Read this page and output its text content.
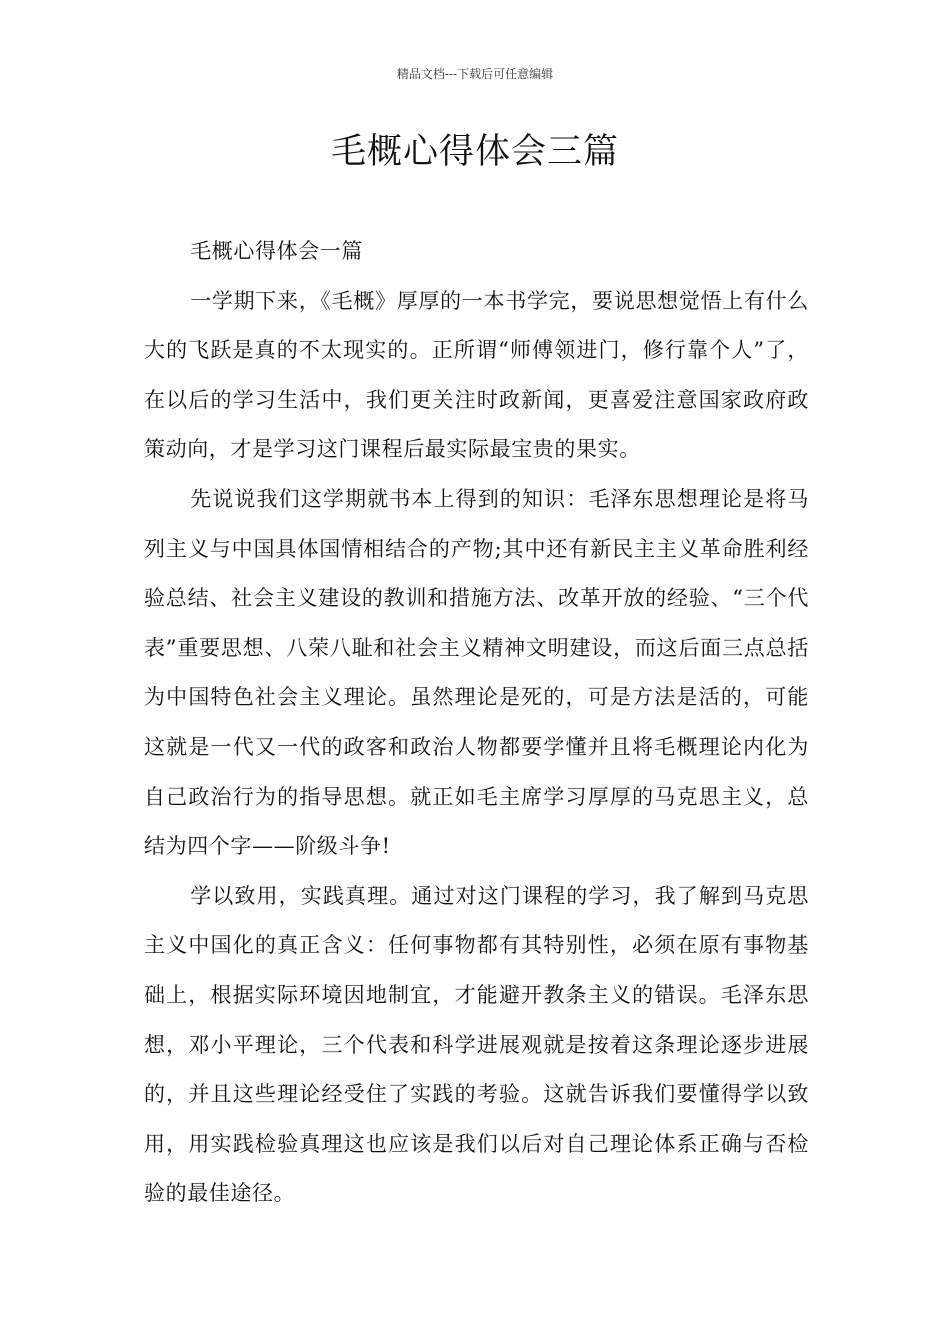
精品文档---下载后可任意编辑
毛概心得体会三篇

毛概心得体会一篇

一学期下来，《毛概》厚厚的一本书学完，要说思想觉悟上有什么大的飞跃是真的不太现实的。正所谓“师傅领进门，修行靠个人”了，在以后的学习生活中，我们更关注时政新闻，更喜爱注意国家政府政策动向，才是学习这门课程后最实际最宝贵的果实。

先说说我们这学期就书本上得到的知识：毛泽东思想理论是将马列主义与中国具体国情相结合的产物;其中还有新民主主义革命胜利经验总结、社会主义建设的教训和措施方法、改革开放的经验、“三个代表”重要思想、八荣八耻和社会主义精神文明建设，而这后面三点总括为中国特色社会主义理论。虽然理论是死的，可是方法是活的，可能这就是一代又一代的政客和政治人物都要学懂并且将毛概理论内化为自己政治行为的指导思想。就正如毛主席学习厚厚的马克思主义，总结为四个字——阶级斗争!

学以致用，实践真理。通过对这门课程的学习，我了解到马克思主义中国化的真正含义：任何事物都有其特别性，必须在原有事物基础上，根据实际环境因地制宜，才能避开教条主义的错误。毛泽东思想，邓小平理论，三个代表和科学进展观就是按着这条理论逐步进展的，并且这些理论经受住了实践的考验。这就告诉我们要懂得学以致用，用实践检验真理这也应该是我们以后对自己理论体系正确与否检验的最佳途径。
